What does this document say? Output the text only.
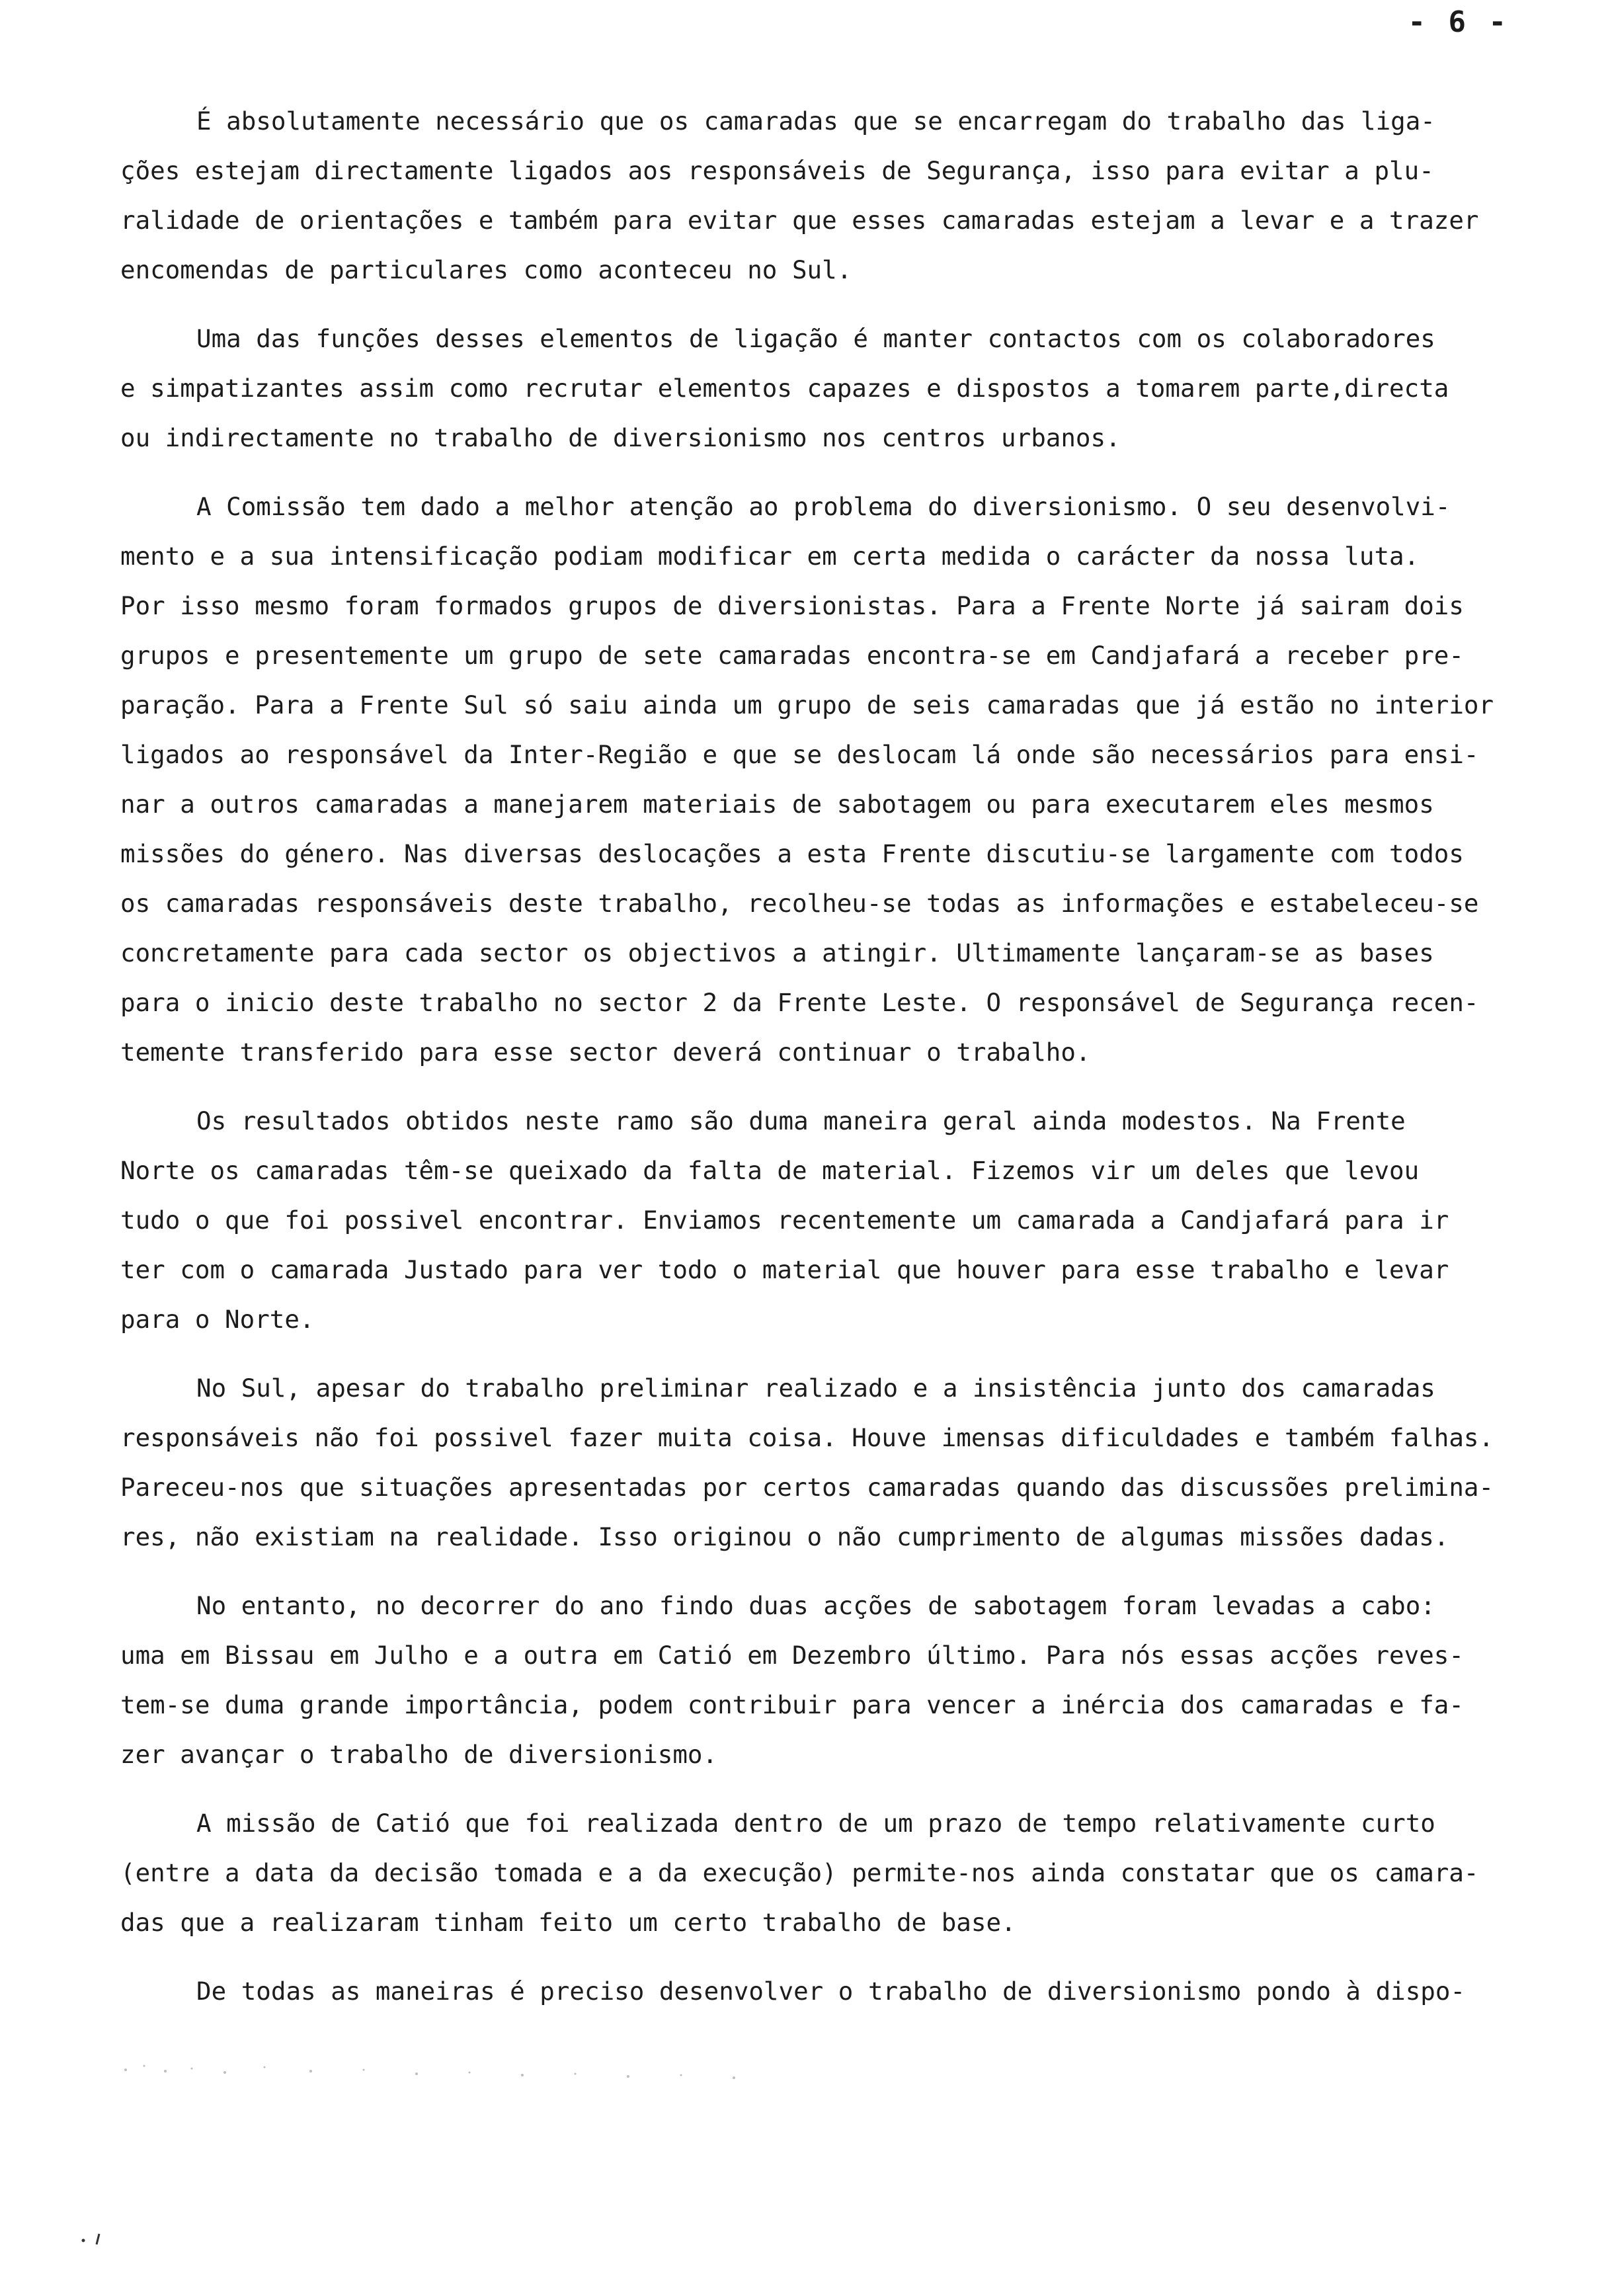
- 6 -
É absolutamente necessário que os camaradas que se encarregam do trabalho das liga-
ções estejam directamente ligados aos responsáveis de Segurança, isso para evitar a plu-
ralidade de orientações e também para evitar que esses camaradas estejam a levar e a trazer
encomendas de particulares como aconteceu no Sul.
Uma das funções desses elementos de ligação é manter contactos com os colaboradores
e simpatizantes assim como recrutar elementos capazes e dispostos a tomarem parte,directa
ou indirectamente no trabalho de diversionismo nos centros urbanos.
A Comissão tem dado a melhor atenção ao problema do diversionismo. O seu desenvolvi-
mento e a sua intensificação podiam modificar em certa medida o carácter da nossa luta.
Por isso mesmo foram formados grupos de diversionistas. Para a Frente Norte já sairam dois
grupos e presentemente um grupo de sete camaradas encontra-se em Candjafará a receber pre-
paração. Para a Frente Sul só saiu ainda um grupo de seis camaradas que já estão no interior
ligados ao responsável da Inter-Região e que se deslocam lá onde são necessários para ensi-
nar a outros camaradas a manejarem materiais de sabotagem ou para executarem eles mesmos
missões do género. Nas diversas deslocações a esta Frente discutiu-se largamente com todos
os camaradas responsáveis deste trabalho, recolheu-se todas as informações e estabeleceu-se
concretamente para cada sector os objectivos a atingir. Ultimamente lançaram-se as bases
para o inicio deste trabalho no sector 2 da Frente Leste. O responsável de Segurança recen-
temente transferido para esse sector deverá continuar o trabalho.
Os resultados obtidos neste ramo são duma maneira geral ainda modestos. Na Frente
Norte os camaradas têm-se queixado da falta de material. Fizemos vir um deles que levou
tudo o que foi possivel encontrar. Enviamos recentemente um camarada a Candjafará para ir
ter com o camarada Justado para ver todo o material que houver para esse trabalho e levar
para o Norte.
No Sul, apesar do trabalho preliminar realizado e a insistência junto dos camaradas
responsáveis não foi possivel fazer muita coisa. Houve imensas dificuldades e também falhas.
Pareceu-nos que situações apresentadas por certos camaradas quando das discussões prelimina-
res, não existiam na realidade. Isso originou o não cumprimento de algumas missões dadas.
No entanto, no decorrer do ano findo duas acções de sabotagem foram levadas a cabo:
uma em Bissau em Julho e a outra em Catió em Dezembro último. Para nós essas acções reves-
tem-se duma grande importância, podem contribuir para vencer a inércia dos camaradas e fa-
zer avançar o trabalho de diversionismo.
A missão de Catió que foi realizada dentro de um prazo de tempo relativamente curto
(entre a data da decisão tomada e a da execução) permite-nos ainda constatar que os camara-
das que a realizaram tinham feito um certo trabalho de base.
De todas as maneiras é preciso desenvolver o trabalho de diversionismo pondo à dispo-
